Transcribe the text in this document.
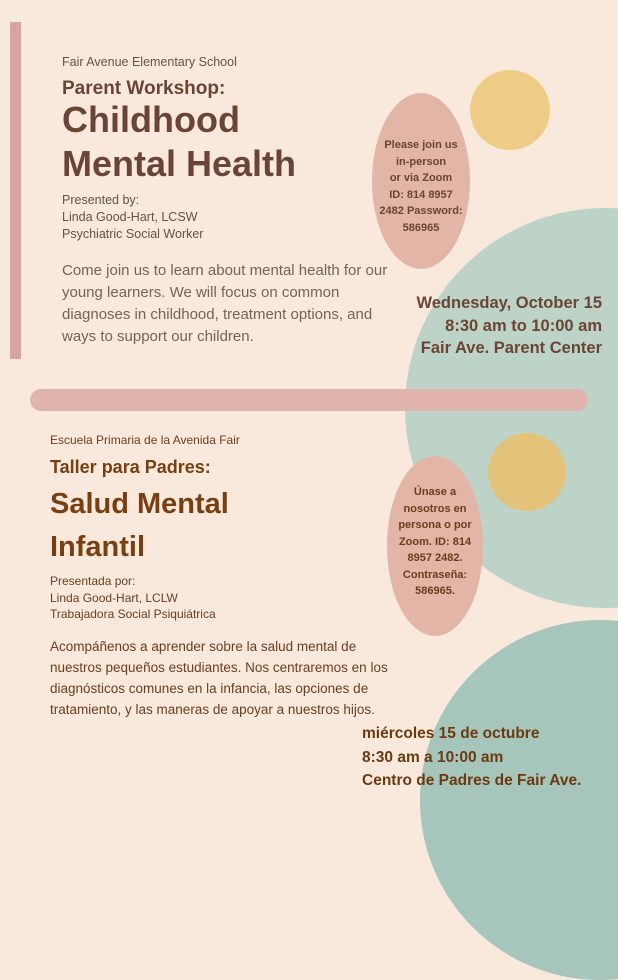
Fair Avenue Elementary School
Parent Workshop:
Childhood
Mental Health
Presented by:
Linda Good-Hart, LCSW
Psychiatric Social Worker
Come join us to learn about mental health for our young learners. We will focus on common diagnoses in childhood, treatment options, and ways to support our children.
Please join us
in-person
or via Zoom
ID: 814 8957
2482 Password:
586965
Wednesday, October 15
8:30 am to 10:00 am
Fair Ave. Parent Center
Escuela Primaria de la Avenida Fair
Taller para Padres:
Salud Mental
Infantil
Presentada por:
Linda Good-Hart, LCLW
Trabajadora Social Psiquiátrica
Acompáñenos a aprender sobre la salud mental de nuestros pequeños estudiantes. Nos centraremos en los diagnósticos comunes en la infancia, las opciones de tratamiento, y las maneras de apoyar a nuestros hijos.
Únase a
nosotros en
persona o por
Zoom. ID: 814
8957 2482.
Contraseña:
586965.
miércoles 15 de octubre
8:30 am a 10:00 am
Centro de Padres de Fair Ave.
